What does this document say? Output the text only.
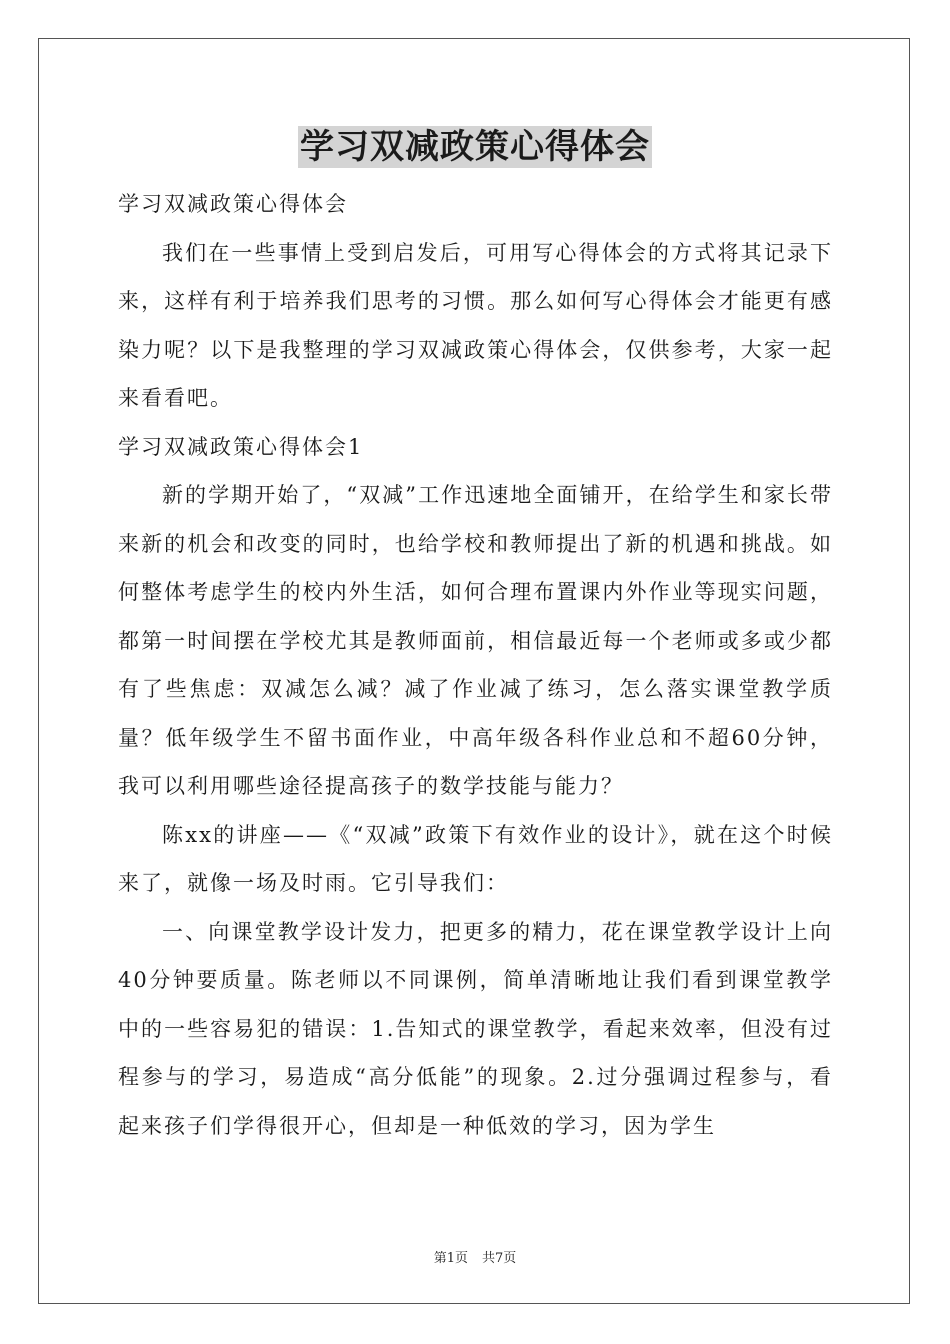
学习双减政策心得体会

学习双减政策心得体会

我们在一些事情上受到启发后，可用写心得体会的方式将其记录下来，这样有利于培养我们思考的习惯。那么如何写心得体会才能更有感染力呢？以下是我整理的学习双减政策心得体会，仅供参考，大家一起来看看吧。

学习双减政策心得体会1

新的学期开始了，“双减”工作迅速地全面铺开，在给学生和家长带来新的机会和改变的同时，也给学校和教师提出了新的机遇和挑战。如何整体考虑学生的校内外生活，如何合理布置课内外作业等现实问题，都第一时间摆在学校尤其是教师面前，相信最近每一个老师或多或少都有了些焦虑：双减怎么减？减了作业减了练习，怎么落实课堂教学质量？低年级学生不留书面作业，中高年级各科作业总和不超60分钟，我可以利用哪些途径提高孩子的数学技能与能力？

陈xx的讲座——《“双减”政策下有效作业的设计》，就在这个时候来了，就像一场及时雨。它引导我们：

一、向课堂教学设计发力，把更多的精力，花在课堂教学设计上向40分钟要质量。陈老师以不同课例，简单清晰地让我们看到课堂教学中的一些容易犯的错误：1.告知式的课堂教学，看起来效率，但没有过程参与的学习，易造成“高分低能”的现象。2.过分强调过程参与，看起来孩子们学得很开心，但却是一种低效的学习，因为学生

第1页 共7页
